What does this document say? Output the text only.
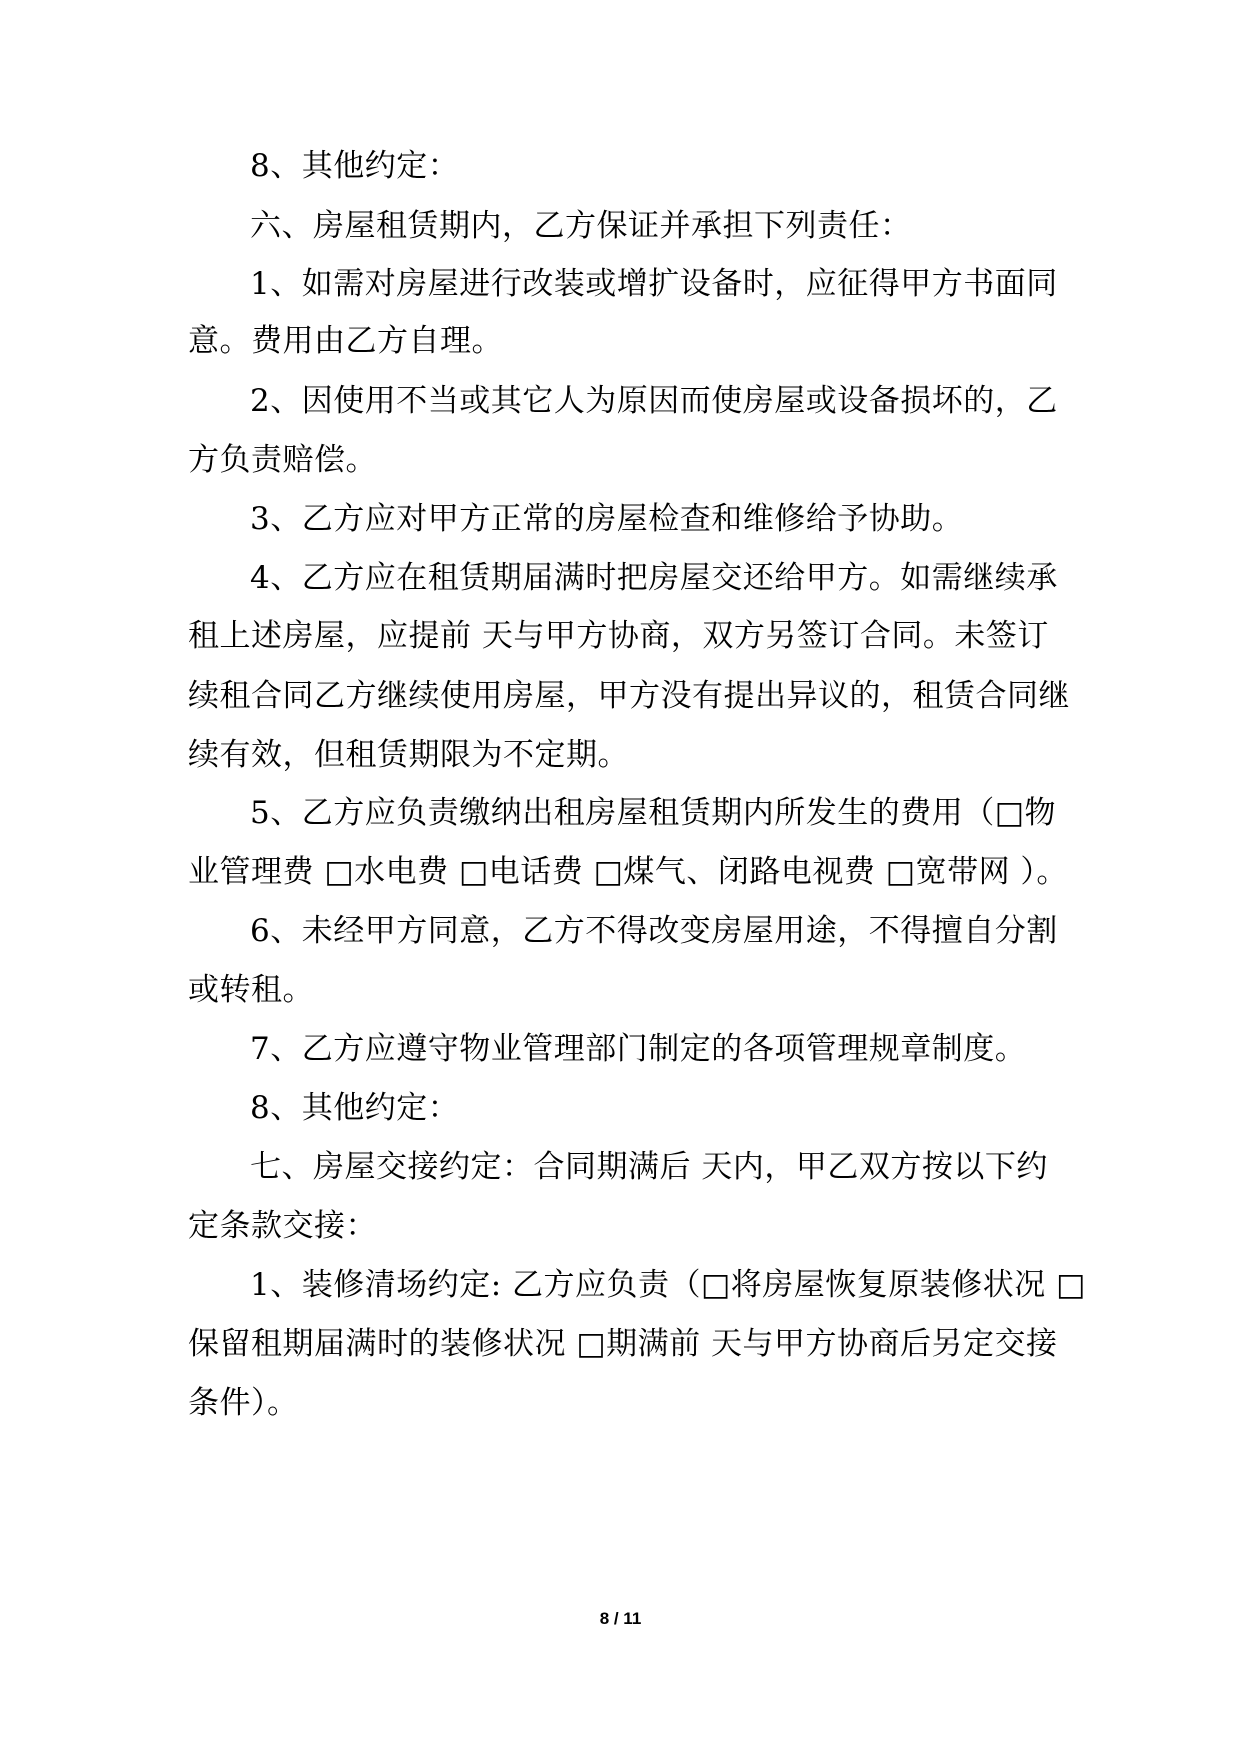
8、其他约定：
六、房屋租赁期内，乙方保证并承担下列责任：
1、如需对房屋进行改装或增扩设备时，应征得甲方书面同
意。费用由乙方自理。
2、因使用不当或其它人为原因而使房屋或设备损坏的，乙
方负责赔偿。
3、乙方应对甲方正常的房屋检查和维修给予协助。
4、乙方应在租赁期届满时把房屋交还给甲方。如需继续承
租上述房屋，应提前 天与甲方协商，双方另签订合同。未签订
续租合同乙方继续使用房屋，甲方没有提出异议的，租赁合同继
续有效，但租赁期限为不定期。
5、乙方应负责缴纳出租房屋租赁期内所发生的费用（□物
业管理费 □水电费 □电话费 □煤气、闭路电视费 □宽带网 ）。
6、未经甲方同意，乙方不得改变房屋用途，不得擅自分割
或转租。
7、乙方应遵守物业管理部门制定的各项管理规章制度。
8、其他约定：
七、房屋交接约定：合同期满后 天内，甲乙双方按以下约
定条款交接：
1、装修清场约定: 乙方应负责（□将房屋恢复原装修状况 □
保留租期届满时的装修状况 □期满前 天与甲方协商后另定交接
条件）。
8 / 11
